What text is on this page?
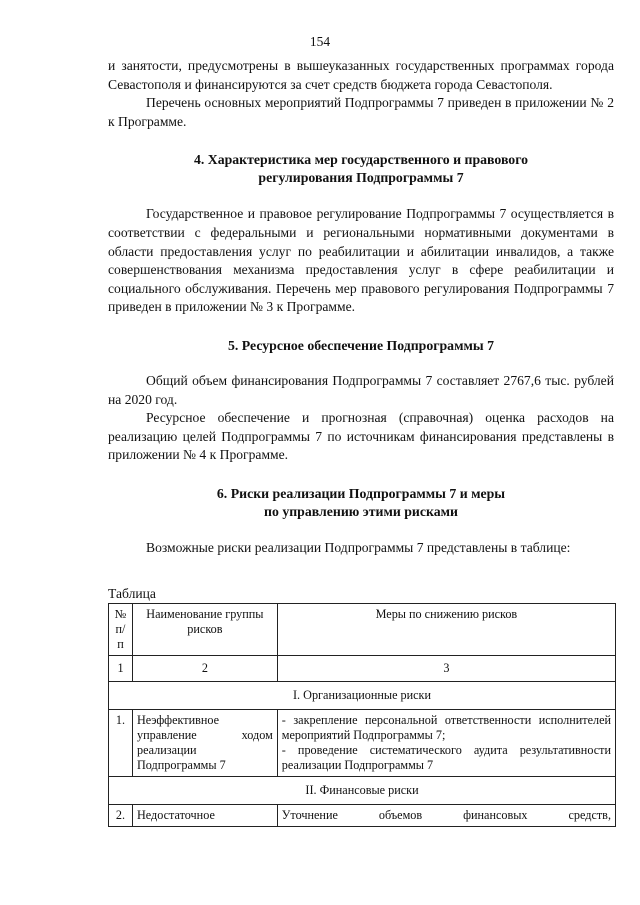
154

и занятости, предусмотрены в вышеуказанных государственных программах города Севастополя и финансируются за счет средств бюджета города Севастополя.

Перечень основных мероприятий Подпрограммы 7 приведен в приложении № 2 к Программе.

4. Характеристика мер государственного и правового
регулирования Подпрограммы 7

Государственное и правовое регулирование Подпрограммы 7 осуществляется в соответствии с федеральными и региональными нормативными документами в области предоставления услуг по реабилитации и абилитации инвалидов, а также совершенствования механизма предоставления услуг в сфере реабилитации и социального обслуживания. Перечень мер правового регулирования Подпрограммы 7 приведен в приложении № 3 к Программе.

5. Ресурсное обеспечение Подпрограммы 7

Общий объем финансирования Подпрограммы 7 составляет 2767,6 тыс. рублей на 2020 год.

Ресурсное обеспечение и прогнозная (справочная) оценка расходов на реализацию целей Подпрограммы 7 по источникам финансирования представлены в приложении № 4 к Программе.

6. Риски реализации Подпрограммы 7 и меры
по управлению этими рисками

Возможные риски реализации Подпрограммы 7 представлены в таблице:

Таблица
№ п/п	Наименование группы рисков	Меры по снижению рисков
1	2	3
I. Организационные риски		
1.	Неэффективное управление ходом реализации Подпрограммы 7	- закрепление персональной ответственности исполнителей мероприятий Подпрограммы 7;
- проведение систематического аудита результативности реализации Подпрограммы 7

II. Финансовые риски		
2.	Недостаточное	Уточнение объемов финансовых средств,
